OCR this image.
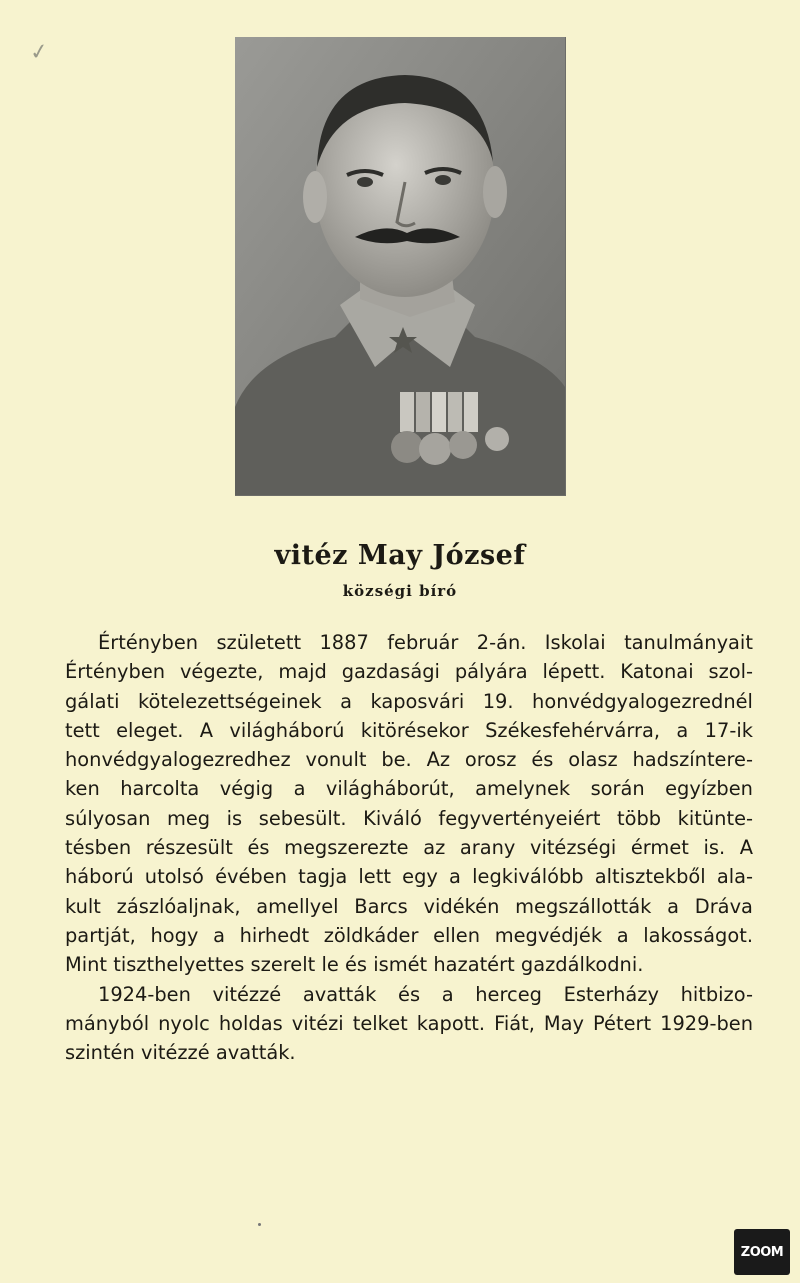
✓
vitéz May József
községi bíró
Értényben született 1887 február 2-án. Iskolai tanulmányait
Értényben végezte, majd gazdasági pályára lépett. Katonai szol-
gálati kötelezettségeinek a kaposvári 19. honvédgyalogezrednél
tett eleget. A világháború kitörésekor Székesfehérvárra, a 17-ik
honvédgyalogezredhez vonult be. Az orosz és olasz hadszíntere-
ken harcolta végig a világháborút, amelynek során egyízben
súlyosan meg is sebesült. Kiváló fegyvertényeiért több kitünte-
tésben részesült és megszerezte az arany vitézségi érmet is. A
háború utolsó évében tagja lett egy a legkiválóbb altisztekből ala-
kult zászlóaljnak, amellyel Barcs vidékén megszállották a Dráva
partját, hogy a hirhedt zöldkáder ellen megvédjék a lakosságot.
Mint tiszthelyettes szerelt le és ismét hazatért gazdálkodni.
1924-ben vitézzé avatták és a herceg Esterházy hitbizo-
mányból nyolc holdas vitézi telket kapott. Fiát, May Pétert 1929-ben
szintén vitézzé avatták.
ZOOM
